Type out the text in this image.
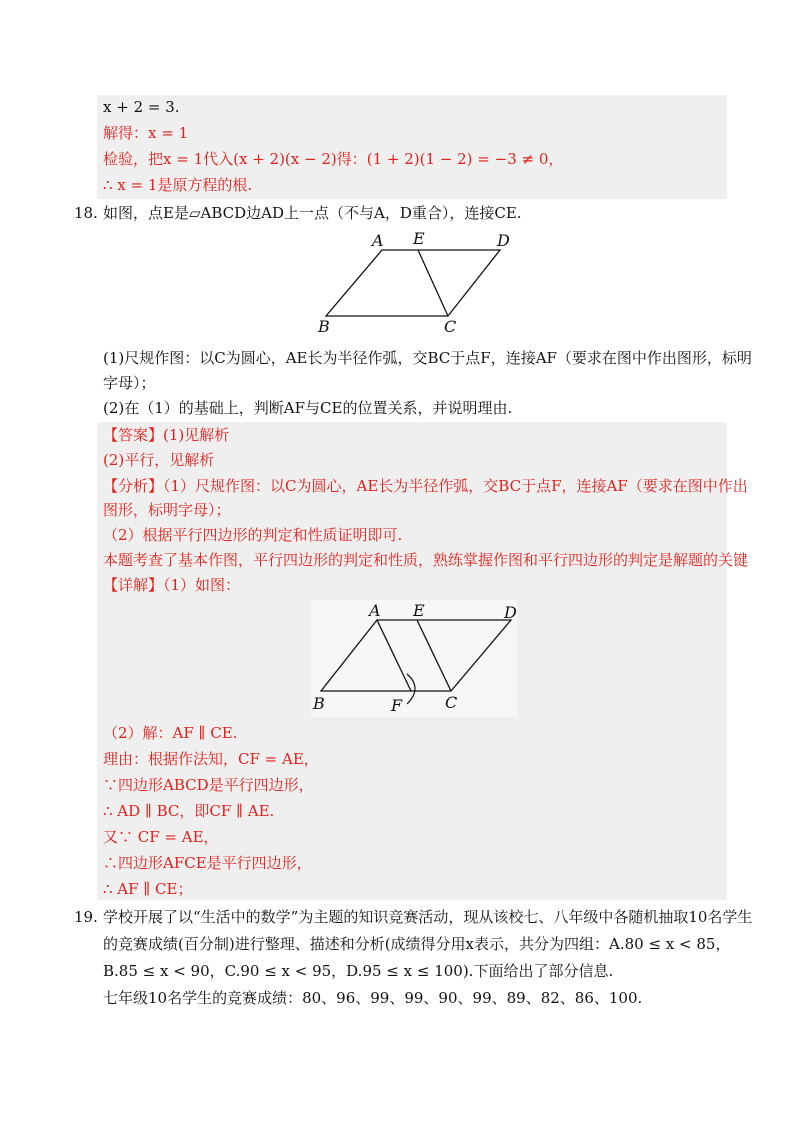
x + 2 = 3.
解得：x = 1
检验，把x = 1代入(x + 2)(x − 2)得：(1 + 2)(1 − 2) = −3 ≠ 0，
∴ x = 1是原方程的根.
18. 如图，点E是▱ABCD边AD上一点（不与A，D重合），连接CE.
A E	D
B	C
(1)尺规作图：以C为圆心，AE长为半径作弧，交BC于点F，连接AF（要求在图中作出图形，标明
字母）；
(2)在（1）的基础上，判断AF与CE的位置关系，并说明理由.
【答案】(1)见解析
(2)平行，见解析
【分析】（1）尺规作图：以C为圆心，AE长为半径作弧，交BC于点F，连接AF（要求在图中作出
图形，标明字母）；
（2）根据平行四边形的判定和性质证明即可.
本题考查了基本作图，平行四边形的判定和性质，熟练掌握作图和平行四边形的判定是解题的关键
【详解】（1）如图：
A E	D
B	F	C
（2）解：AF ∥ CE.
理由：根据作法知，CF = AE，
∵四边形ABCD是平行四边形，
∴ AD ∥ BC，即CF ∥ AE.
又∵ CF = AE，
∴四边形AFCE是平行四边形，
∴ AF ∥ CE；
19. 学校开展了以“生活中的数学”为主题的知识竞赛活动，现从该校七、八年级中各随机抽取10名学生
的竞赛成绩(百分制)进行整理、描述和分析(成绩得分用x表示，共分为四组：A.80 ≤ x < 85，
B.85 ≤ x < 90，C.90 ≤ x < 95，D.95 ≤ x ≤ 100).下面给出了部分信息.
七年级10名学生的竞赛成绩：80、96、99、99、90、99、89、82、86、100.
